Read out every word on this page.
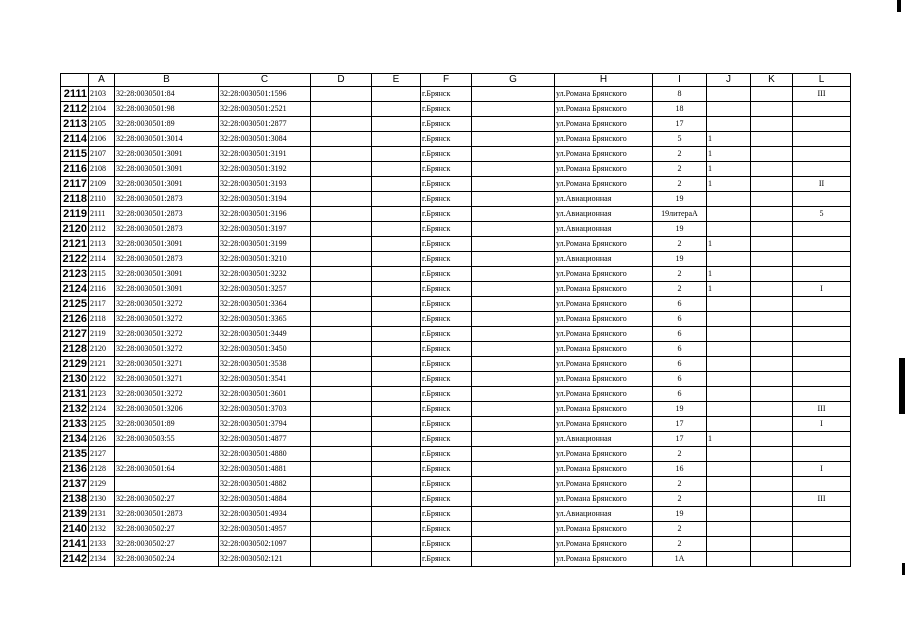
	A	B	C	D	E	F	G	H	I	J	K	L
2111	2103	32:28:0030501:84	32:28:0030501:1596			г.Брянск		ул.Романа Брянского	8			III
2112	2104	32:28:0030501:98	32:28:0030501:2521			г.Брянск		ул.Романа Брянского	18			
2113	2105	32:28:0030501:89	32:28:0030501:2877			г.Брянск		ул.Романа Брянского	17			
2114	2106	32:28:0030501:3014	32:28:0030501:3084			г.Брянск		ул.Романа Брянского	5	1		
2115	2107	32:28:0030501:3091	32:28:0030501:3191			г.Брянск		ул.Романа Брянского	2	1		
2116	2108	32:28:0030501:3091	32:28:0030501:3192			г.Брянск		ул.Романа Брянского	2	1		
2117	2109	32:28:0030501:3091	32:28:0030501:3193			г.Брянск		ул.Романа Брянского	2	1		II
2118	2110	32:28:0030501:2873	32:28:0030501:3194			г.Брянск		ул.Авиационная	19			
2119	2111	32:28:0030501:2873	32:28:0030501:3196			г.Брянск		ул.Авиационная	19литераА			5
2120	2112	32:28:0030501:2873	32:28:0030501:3197			г.Брянск		ул.Авиационная	19			
2121	2113	32:28:0030501:3091	32:28:0030501:3199			г.Брянск		ул.Романа Брянского	2	1		
2122	2114	32:28:0030501:2873	32:28:0030501:3210			г.Брянск		ул.Авиационная	19			
2123	2115	32:28:0030501:3091	32:28:0030501:3232			г.Брянск		ул.Романа Брянского	2	1		
2124	2116	32:28:0030501:3091	32:28:0030501:3257			г.Брянск		ул.Романа Брянского	2	1		I
2125	2117	32:28:0030501:3272	32:28:0030501:3364			г.Брянск		ул.Романа Брянского	6			
2126	2118	32:28:0030501:3272	32:28:0030501:3365			г.Брянск		ул.Романа Брянского	6			
2127	2119	32:28:0030501:3272	32:28:0030501:3449			г.Брянск		ул.Романа Брянского	6			
2128	2120	32:28:0030501:3272	32:28:0030501:3450			г.Брянск		ул.Романа Брянского	6			
2129	2121	32:28:0030501:3271	32:28:0030501:3538			г.Брянск		ул.Романа Брянского	6			
2130	2122	32:28:0030501:3271	32:28:0030501:3541			г.Брянск		ул.Романа Брянского	6			
2131	2123	32:28:0030501:3272	32:28:0030501:3601			г.Брянск		ул.Романа Брянского	6			
2132	2124	32:28:0030501:3206	32:28:0030501:3703			г.Брянск		ул.Романа Брянского	19			III
2133	2125	32:28:0030501:89	32:28:0030501:3794			г.Брянск		ул.Романа Брянского	17			I
2134	2126	32:28:0030503:55	32:28:0030501:4877			г.Брянск		ул.Авиационная	17	1		
2135	2127		32:28:0030501:4880			г.Брянск		ул.Романа Брянского	2			
2136	2128	32:28:0030501:64	32:28:0030501:4881			г.Брянск		ул.Романа Брянского	16			I
2137	2129		32:28:0030501:4882			г.Брянск		ул.Романа Брянского	2			
2138	2130	32:28:0030502:27	32:28:0030501:4884			г.Брянск		ул.Романа Брянского	2			III
2139	2131	32:28:0030501:2873	32:28:0030501:4934			г.Брянск		ул.Авиационная	19			
2140	2132	32:28:0030502:27	32:28:0030501:4957			г.Брянск		ул.Романа Брянского	2			
2141	2133	32:28:0030502:27	32:28:0030502:1097			г.Брянск		ул.Романа Брянского	2			
2142	2134	32:28:0030502:24	32:28:0030502:121			г.Брянск		ул.Романа Брянского	1А			
